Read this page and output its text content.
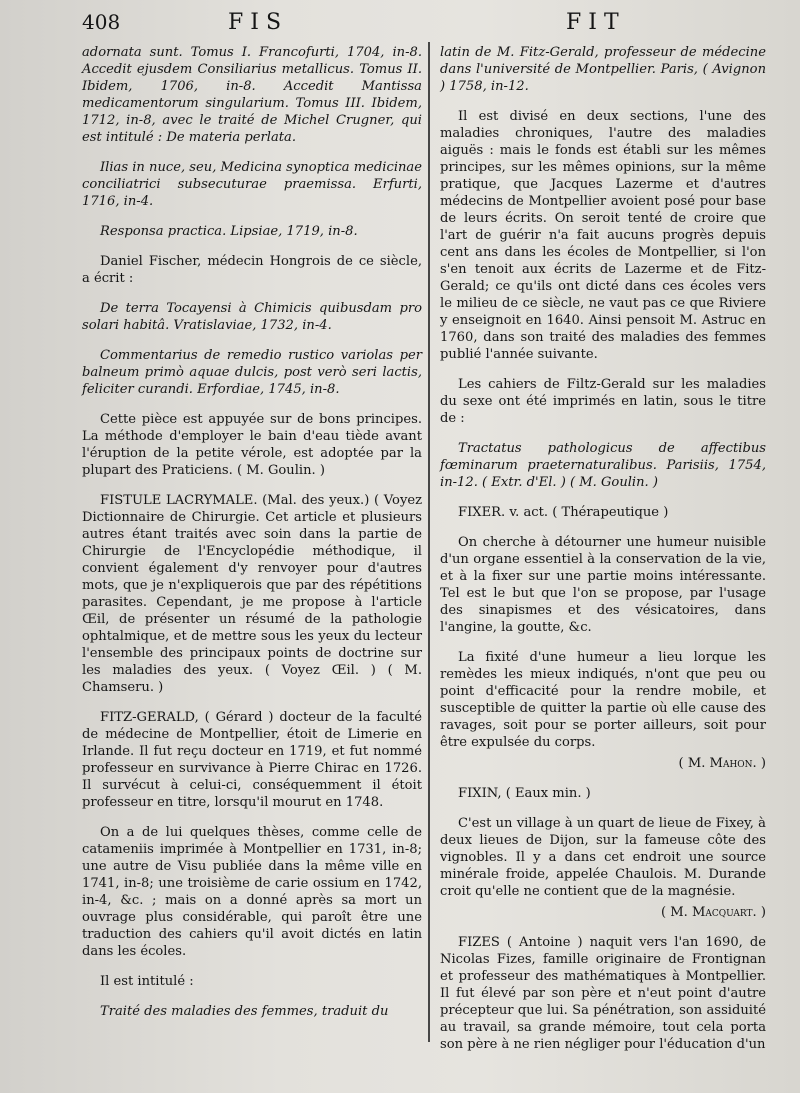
408	FIS	FIT

adornata sunt. Tomus I. Francofurti, 1704, in-8. Accedit ejusdem Consiliarius metallicus. Tomus II. Ibidem, 1706, in-8. Accedit Mantissa medicamentorum singularium. Tomus III. Ibidem, 1712, in-8, avec le traité de Michel Crugner, qui est intitulé : De materia perlata.

Ilias in nuce, seu, Medicina synoptica medicinae conciliatrici subsecuturae praemissa. Erfurti, 1716, in-4.

Responsa practica. Lipsiae, 1719, in-8.

Daniel Fischer, médecin Hongrois de ce siècle, a écrit :

De terra Tocayensi à Chimicis quibusdam pro solari habitâ. Vratislaviae, 1732, in-4.

Commentarius de remedio rustico variolas per balneum primò aquae dulcis, post verò seri lactis, feliciter curandi. Erfordiae, 1745, in-8.

Cette pièce est appuyée sur de bons principes. La méthode d'employer le bain d'eau tiède avant l'éruption de la petite vérole, est adoptée par la plupart des Praticiens. ( M. Goulin. )

FISTULE LACRYMALE. (Mal. des yeux.) ( Voyez Dictionnaire de Chirurgie. Cet article et plusieurs autres étant traités avec soin dans la partie de Chirurgie de l'Encyclopédie méthodique, il convient également d'y renvoyer pour d'autres mots, que je n'expliquerois que par des répétitions parasites. Cependant, je me propose à l'article Œil, de présenter un résumé de la pathologie ophtalmique, et de mettre sous les yeux du lecteur l'ensemble des principaux points de doctrine sur les maladies des yeux. ( Voyez Œil. ) ( M. Chamseru. )

FITZ-GERALD, ( Gérard ) docteur de la faculté de médecine de Montpellier, étoit de Limerie en Irlande. Il fut reçu docteur en 1719, et fut nommé professeur en survivance à Pierre Chirac en 1726. Il survécut à celui-ci, conséquemment il étoit professeur en titre, lorsqu'il mourut en 1748.

On a de lui quelques thèses, comme celle de catameniis imprimée à Montpellier en 1731, in-8; une autre de Visu publiée dans la même ville en 1741, in-8; une troisième de carie ossium en 1742, in-4, &c. ; mais on a donné après sa mort un ouvrage plus considérable, qui paroît être une traduction des cahiers qu'il avoit dictés en latin dans les écoles.

Il est intitulé :

Traité des maladies des femmes, traduit du

latin de M. Fitz-Gerald, professeur de médecine dans l'université de Montpellier. Paris, ( Avignon ) 1758, in-12.

Il est divisé en deux sections, l'une des maladies chroniques, l'autre des maladies aiguës : mais le fonds est établi sur les mêmes principes, sur les mêmes opinions, sur la même pratique, que Jacques Lazerme et d'autres médecins de Montpellier avoient posé pour base de leurs écrits. On seroit tenté de croire que l'art de guérir n'a fait aucuns progrès depuis cent ans dans les écoles de Montpellier, si l'on s'en tenoit aux écrits de Lazerme et de Fitz-Gerald; ce qu'ils ont dicté dans ces écoles vers le milieu de ce siècle, ne vaut pas ce que Riviere y enseignoit en 1640. Ainsi pensoit M. Astruc en 1760, dans son traité des maladies des femmes publié l'année suivante.

Les cahiers de Filtz-Gerald sur les maladies du sexe ont été imprimés en latin, sous le titre de :

Tractatus pathologicus de affectibus fœminarum praeternaturalibus. Parisiis, 1754, in-12. ( Extr. d'El. ) ( M. Goulin. )

FIXER. v. act. ( Thérapeutique )

On cherche à détourner une humeur nuisible d'un organe essentiel à la conservation de la vie, et à la fixer sur une partie moins intéressante. Tel est le but que l'on se propose, par l'usage des sinapismes et des vésicatoires, dans l'angine, la goutte, &c.

La fixité d'une humeur a lieu lorque les remèdes les mieux indiqués, n'ont que peu ou point d'efficacité pour la rendre mobile, et susceptible de quitter la partie où elle cause des ravages, soit pour se porter ailleurs, soit pour être expulsée du corps.

( M. Mahon. )

FIXIN, ( Eaux min. )

C'est un village à un quart de lieue de Fixey, à deux lieues de Dijon, sur la fameuse côte des vignobles. Il y a dans cet endroit une source minérale froide, appelée Chaulois. M. Durande croit qu'elle ne contient que de la magnésie.

( M. Macquart. )

FIZES ( Antoine ) naquit vers l'an 1690, de Nicolas Fizes, famille originaire de Frontignan et professeur des mathématiques à Montpellier. Il fut élevé par son père et n'eut point d'autre précepteur que lui. Sa pénétration, son assiduité au travail, sa grande mémoire, tout cela porta son père à ne rien négliger pour l'éducation d'un
